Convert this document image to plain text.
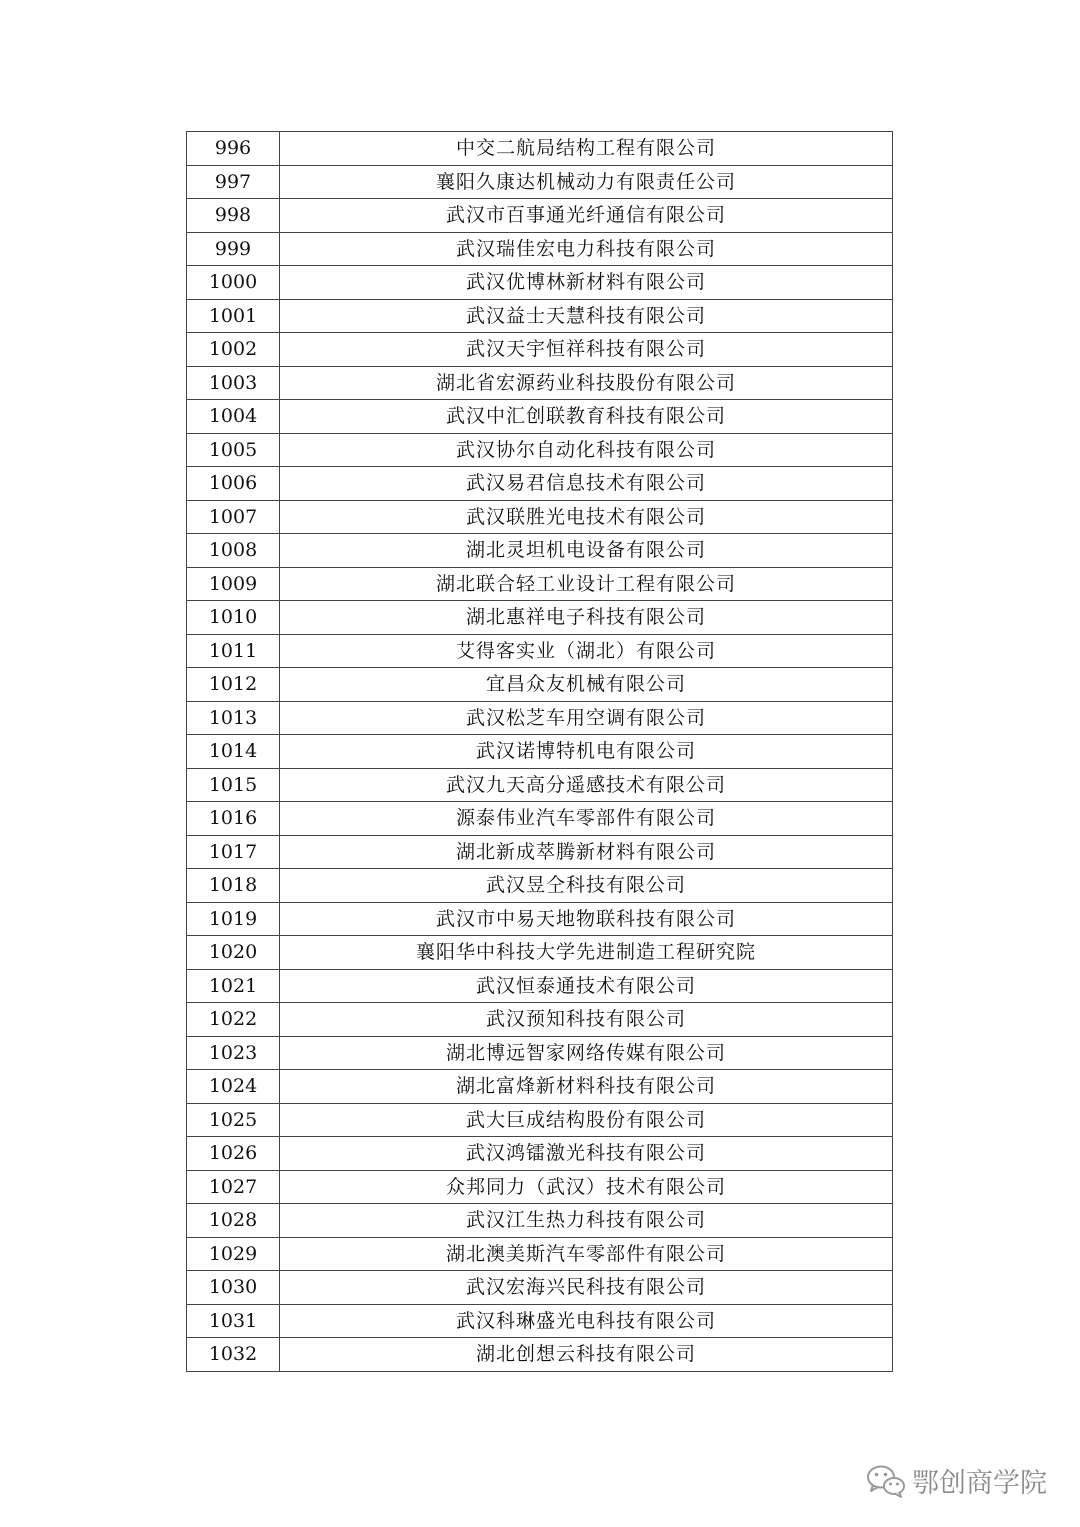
996	中交二航局结构工程有限公司
997	襄阳久康达机械动力有限责任公司
998	武汉市百事通光纤通信有限公司
999	武汉瑞佳宏电力科技有限公司
1000	武汉优博林新材料有限公司
1001	武汉益士天慧科技有限公司
1002	武汉天宇恒祥科技有限公司
1003	湖北省宏源药业科技股份有限公司
1004	武汉中汇创联教育科技有限公司
1005	武汉协尔自动化科技有限公司
1006	武汉易君信息技术有限公司
1007	武汉联胜光电技术有限公司
1008	湖北灵坦机电设备有限公司
1009	湖北联合轻工业设计工程有限公司
1010	湖北惠祥电子科技有限公司
1011	艾得客实业（湖北）有限公司
1012	宜昌众友机械有限公司
1013	武汉松芝车用空调有限公司
1014	武汉诺博特机电有限公司
1015	武汉九天高分遥感技术有限公司
1016	源泰伟业汽车零部件有限公司
1017	湖北新成萃腾新材料有限公司
1018	武汉昱仝科技有限公司
1019	武汉市中易天地物联科技有限公司
1020	襄阳华中科技大学先进制造工程研究院
1021	武汉恒泰通技术有限公司
1022	武汉预知科技有限公司
1023	湖北博远智家网络传媒有限公司
1024	湖北富烽新材料科技有限公司
1025	武大巨成结构股份有限公司
1026	武汉鸿镭激光科技有限公司
1027	众邦同力（武汉）技术有限公司
1028	武汉江生热力科技有限公司
1029	湖北澳美斯汽车零部件有限公司
1030	武汉宏海兴民科技有限公司
1031	武汉科琳盛光电科技有限公司
1032	湖北创想云科技有限公司
鄂创商学院
